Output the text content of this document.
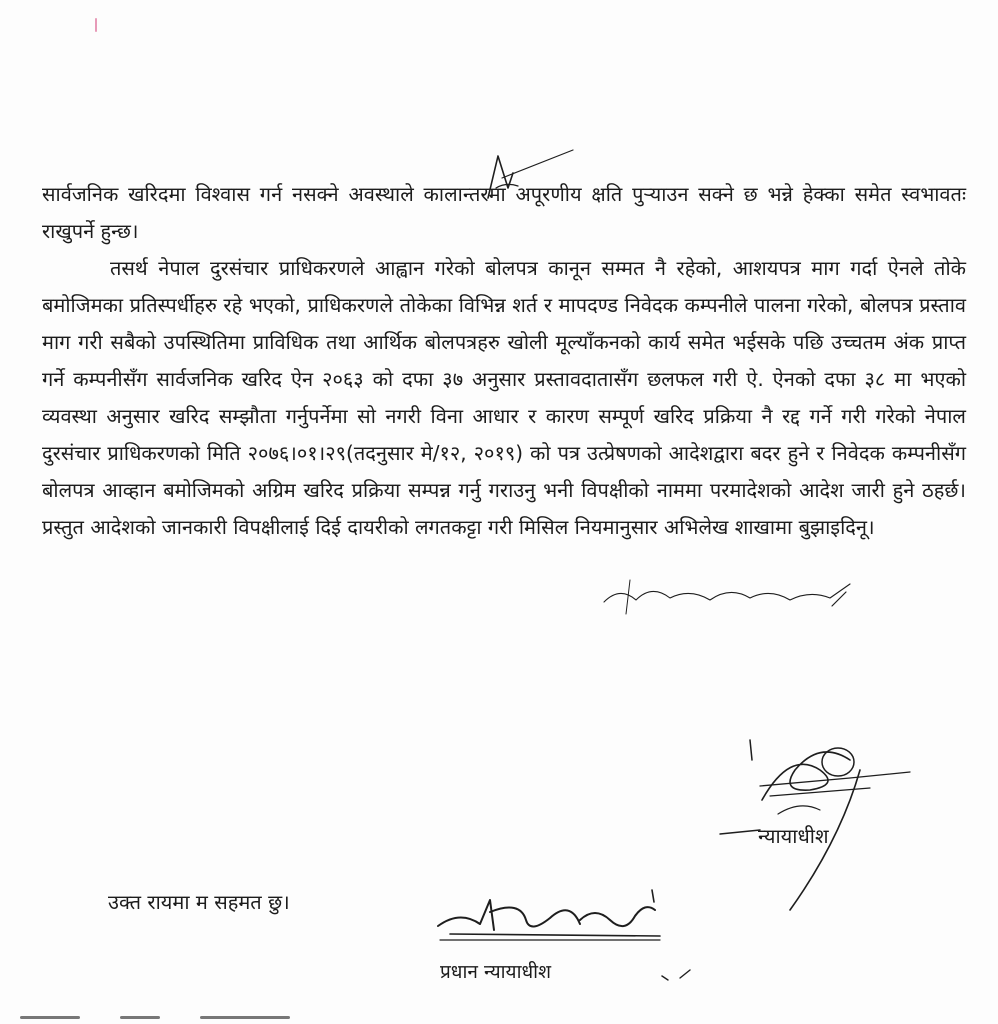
सार्वजनिक खरिदमा विश्वास गर्न नसक्ने अवस्थाले कालान्तरमा अपूरणीय क्षति पुर्‍याउन सक्ने छ भन्ने हेक्का समेत स्वभावतः राखुपर्ने हुन्छ।

तसर्थ नेपाल दुरसंचार प्राधिकरणले आह्वान गरेको बोलपत्र कानून सम्मत नै रहेको, आशयपत्र माग गर्दा ऐनले तोके बमोजिमका प्रतिस्पर्धीहरु रहे भएको, प्राधिकरणले तोकेका विभिन्न शर्त र मापदण्ड निवेदक कम्पनीले पालना गरेको, बोलपत्र प्रस्ताव माग गरी सबैको उपस्थितिमा प्राविधिक तथा आर्थिक बोलपत्रहरु खोली मूल्याँकनको कार्य समेत भईसके पछि उच्चतम अंक प्राप्त गर्ने कम्पनीसँग सार्वजनिक खरिद ऐन २०६३ को दफा ३७ अनुसार प्रस्तावदातासँग छलफल गरी ऐ. ऐनको दफा ३८ मा भएको व्यवस्था अनुसार खरिद सम्झौता गर्नुपर्नेमा सो नगरी विना आधार र कारण सम्पूर्ण खरिद प्रक्रिया नै रद्द गर्ने गरी गरेको नेपाल दुरसंचार प्राधिकरणको मिति २०७६।०१।२९(तदनुसार मे/१२, २०१९) को पत्र उत्प्रेषणको आदेशद्वारा बदर हुने र निवेदक कम्पनीसँग बोलपत्र आव्हान बमोजिमको अग्रिम खरिद प्रक्रिया सम्पन्न गर्नु गराउनु भनी विपक्षीको नाममा परमादेशको आदेश जारी हुने ठहर्छ। प्रस्तुत आदेशको जानकारी विपक्षीलाई दिई दायरीको लगतकट्टा गरी मिसिल नियमानुसार अभिलेख शाखामा बुझाइदिनू।

न्यायाधीश
उक्त रायमा म सहमत छु।
प्रधान न्यायाधीश
